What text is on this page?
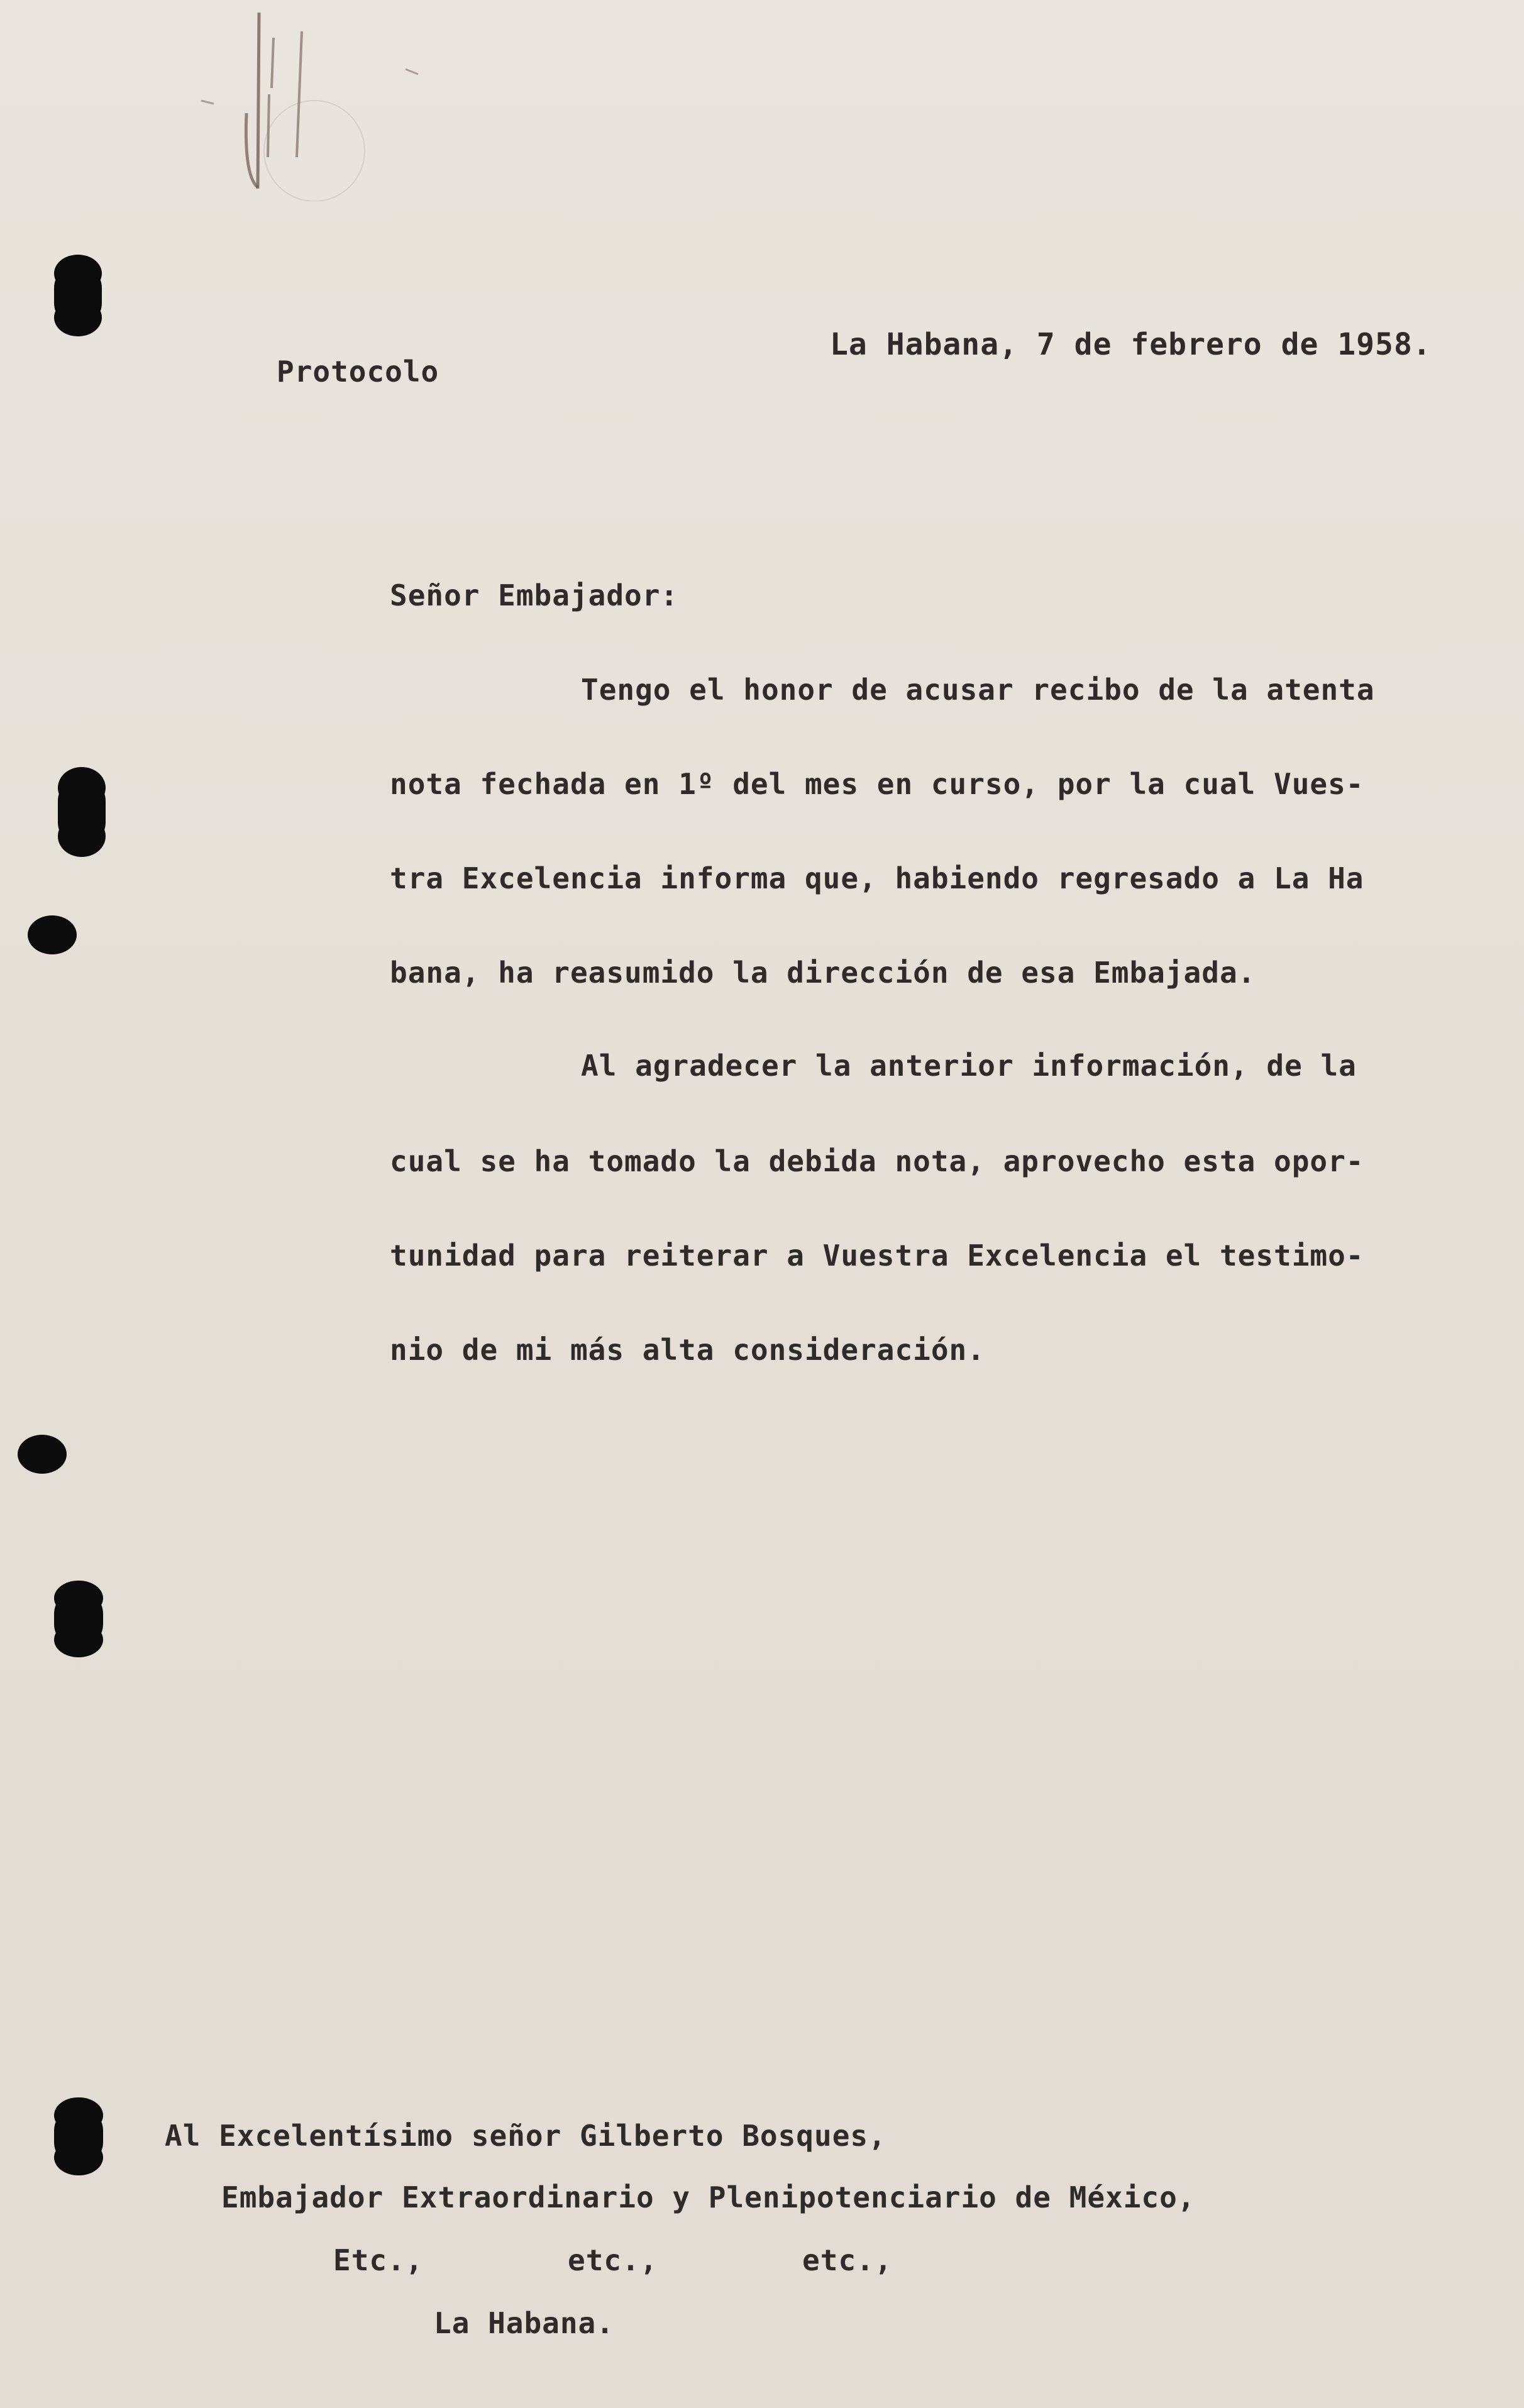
Protocolo

La Habana, 7 de febrero de 1958.

Señor Embajador:

Tengo el honor de acusar recibo de la atenta

nota fechada en 1º del mes en curso, por la cual Vues-

tra Excelencia informa que, habiendo regresado a La Ha

bana, ha reasumido la dirección de esa Embajada.

Al agradecer la anterior información, de la

cual se ha tomado la debida nota, aprovecho esta opor-

tunidad para reiterar a Vuestra Excelencia el testimo-

nio de mi más alta consideración.

Al Excelentísimo señor Gilberto Bosques,

Embajador Extraordinario y Plenipotenciario de México,

Etc.,        etc.,        etc.,

La Habana.
